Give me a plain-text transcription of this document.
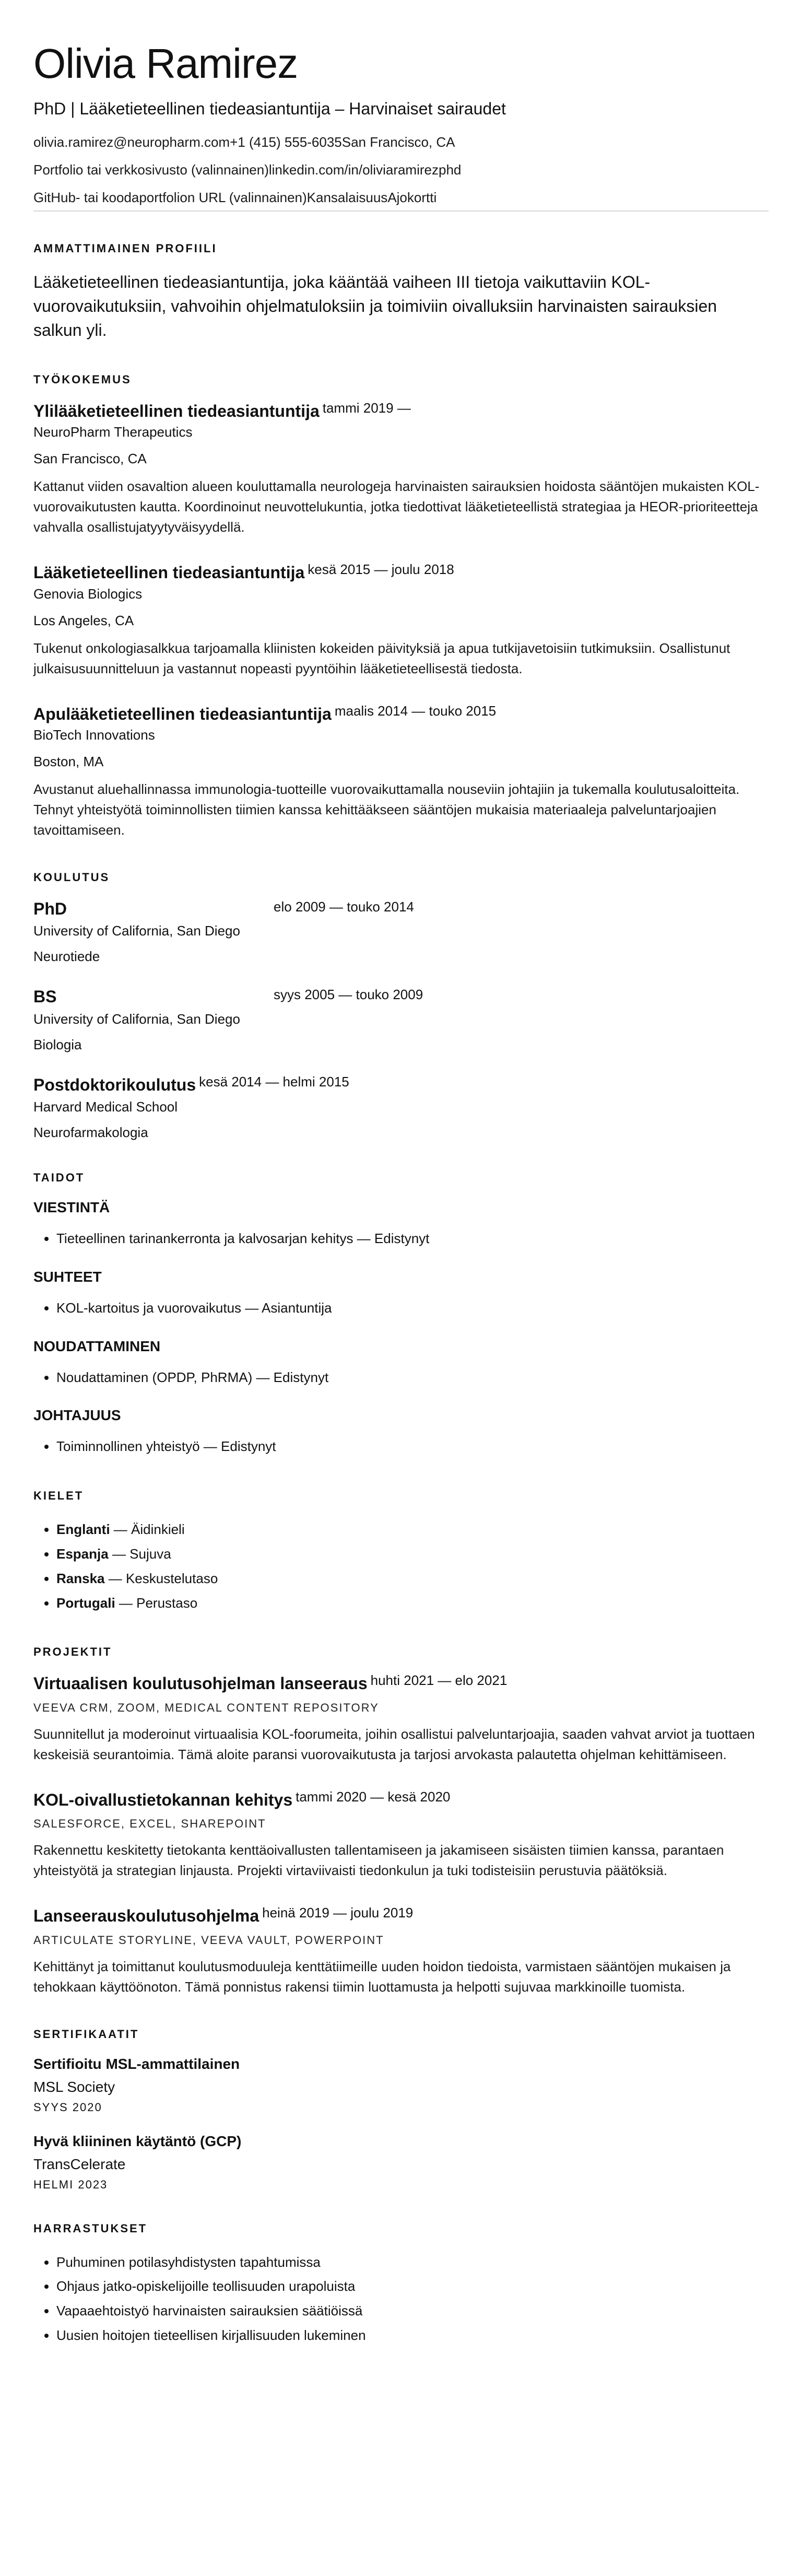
Olivia Ramirez
PhD | Lääketieteellinen tiedeasiantuntija – Harvinaiset sairaudet
olivia.ramirez@neuropharm.com+1 (415) 555-6035San Francisco, CA
Portfolio tai verkkosivusto (valinnainen)linkedin.com/in/oliviaramirezphd
GitHub- tai koodaportfolion URL (valinnainen)KansalaisuusAjokortti
AMMATTIMAINEN PROFIILI
Lääketieteellinen tiedeasiantuntija, joka kääntää vaiheen III tietoja vaikuttaviin KOL-vuorovaikutuksiin, vahvoihin ohjelmatuloksiin ja toimiviin oivalluksiin harvinaisten sairauksien salkun yli.
TYÖKOKEMUS
Ylilääketieteellinen tiedeasiantuntija tammi 2019 —
NeuroPharm Therapeutics
San Francisco, CA
Kattanut viiden osavaltion alueen kouluttamalla neurologeja harvinaisten sairauksien hoidosta sääntöjen mukaisten KOL-vuorovaikutusten kautta. Koordinoinut neuvottelukuntia, jotka tiedottivat lääketieteellistä strategiaa ja HEOR-prioriteetteja vahvalla osallistujatyytyväisyydellä.
Lääketieteellinen tiedeasiantuntija kesä 2015 — joulu 2018
Genovia Biologics
Los Angeles, CA
Tukenut onkologiasalkkua tarjoamalla kliinisten kokeiden päivityksiä ja apua tutkijavetoisiin tutkimuksiin. Osallistunut julkaisusuunnitteluun ja vastannut nopeasti pyyntöihin lääketieteellisestä tiedosta.
Apulääketieteellinen tiedeasiantuntija maalis 2014 — touko 2015
BioTech Innovations
Boston, MA
Avustanut aluehallinnassa immunologia-tuotteille vuorovaikuttamalla nouseviin johtajiin ja tukemalla koulutusaloitteita. Tehnyt yhteistyötä toiminnollisten tiimien kanssa kehittääkseen sääntöjen mukaisia materiaaleja palveluntarjoajien tavoittamiseen.
KOULUTUS
PhD
University of California, San Diego
Neurotiede
elo 2009 — touko 2014
BS
University of California, San Diego
Biologia
syys 2005 — touko 2009
Postdoktorikoulutus kesä 2014 — helmi 2015
Harvard Medical School
Neurofarmakologia
TAIDOT
VIESTINTÄ
• Tieteellinen tarinankerronta ja kalvosarjan kehitys — Edistynyt
SUHTEET
• KOL-kartoitus ja vuorovaikutus — Asiantuntija
NOUDATTAMINEN
• Noudattaminen (OPDP, PhRMA) — Edistynyt
JOHTAJUUS
• Toiminnollinen yhteistyö — Edistynyt
KIELET
• Englanti — Äidinkieli
• Espanja — Sujuva
• Ranska — Keskustelutaso
• Portugali — Perustaso
PROJEKTIT
Virtuaalisen koulutusohjelman lanseeraus huhti 2021 — elo 2021
VEEVA CRM, ZOOM, MEDICAL CONTENT REPOSITORY
Suunnitellut ja moderoinut virtuaalisia KOL-foorumeita, joihin osallistui palveluntarjoajia, saaden vahvat arviot ja tuottaen keskeisiä seurantoimia. Tämä aloite paransi vuorovaikutusta ja tarjosi arvokasta palautetta ohjelman kehittämiseen.
KOL-oivallustietokannan kehitys tammi 2020 — kesä 2020
SALESFORCE, EXCEL, SHAREPOINT
Rakennettu keskitetty tietokanta kenttäoivallusten tallentamiseen ja jakamiseen sisäisten tiimien kanssa, parantaen yhteistyötä ja strategian linjausta. Projekti virtaviivaisti tiedonkulun ja tuki todisteisiin perustuvia päätöksiä.
Lanseerauskoulutusohjelma heinä 2019 — joulu 2019
ARTICULATE STORYLINE, VEEVA VAULT, POWERPOINT
Kehittänyt ja toimittanut koulutusmoduuleja kenttätiimeille uuden hoidon tiedoista, varmistaen sääntöjen mukaisen ja tehokkaan käyttöönoton. Tämä ponnistus rakensi tiimin luottamusta ja helpotti sujuvaa markkinoille tuomista.
SERTIFIKAATIT
Sertifioitu MSL-ammattilainen
MSL Society
SYYS 2020
Hyvä kliininen käytäntö (GCP)
TransCelerate
HELMI 2023
HARRASTUKSET
• Puhuminen potilasyhdistysten tapahtumissa
• Ohjaus jatko-opiskelijoille teollisuuden urapoluista
• Vapaaehtoistyö harvinaisten sairauksien säätiöissä
• Uusien hoitojen tieteellisen kirjallisuuden lukeminen
